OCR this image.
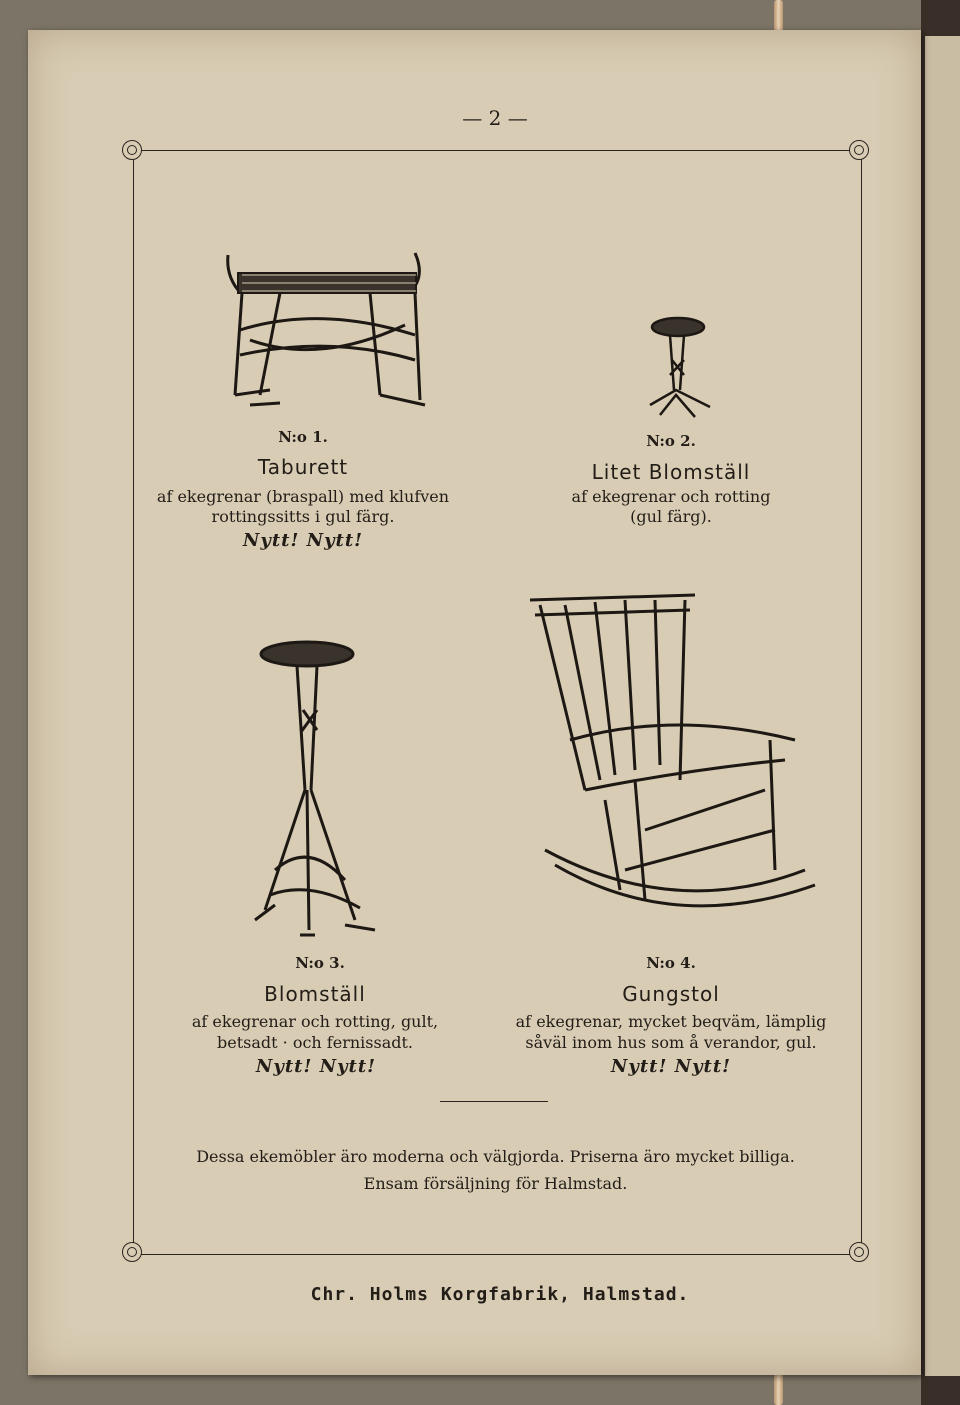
— 2 —
N:o 1.
Taburett
af ekegrenar (braspall) med klufven
rottingssitts i gul färg.
Nytt! Nytt!
N:o 2.
Litet Blomställ
af ekegrenar och rotting
(gul färg).
N:o 3.
Blomställ
af ekegrenar och rotting, gult,
betsadt · och fernissadt.
Nytt! Nytt!
N:o 4.
Gungstol
af ekegrenar, mycket beqväm, lämplig
såväl inom hus som å verandor, gul.
Nytt! Nytt!
Dessa ekemöbler äro moderna och välgjorda. Priserna äro mycket billiga.
Ensam försäljning för Halmstad.
Chr. Holms Korgfabrik, Halmstad.
